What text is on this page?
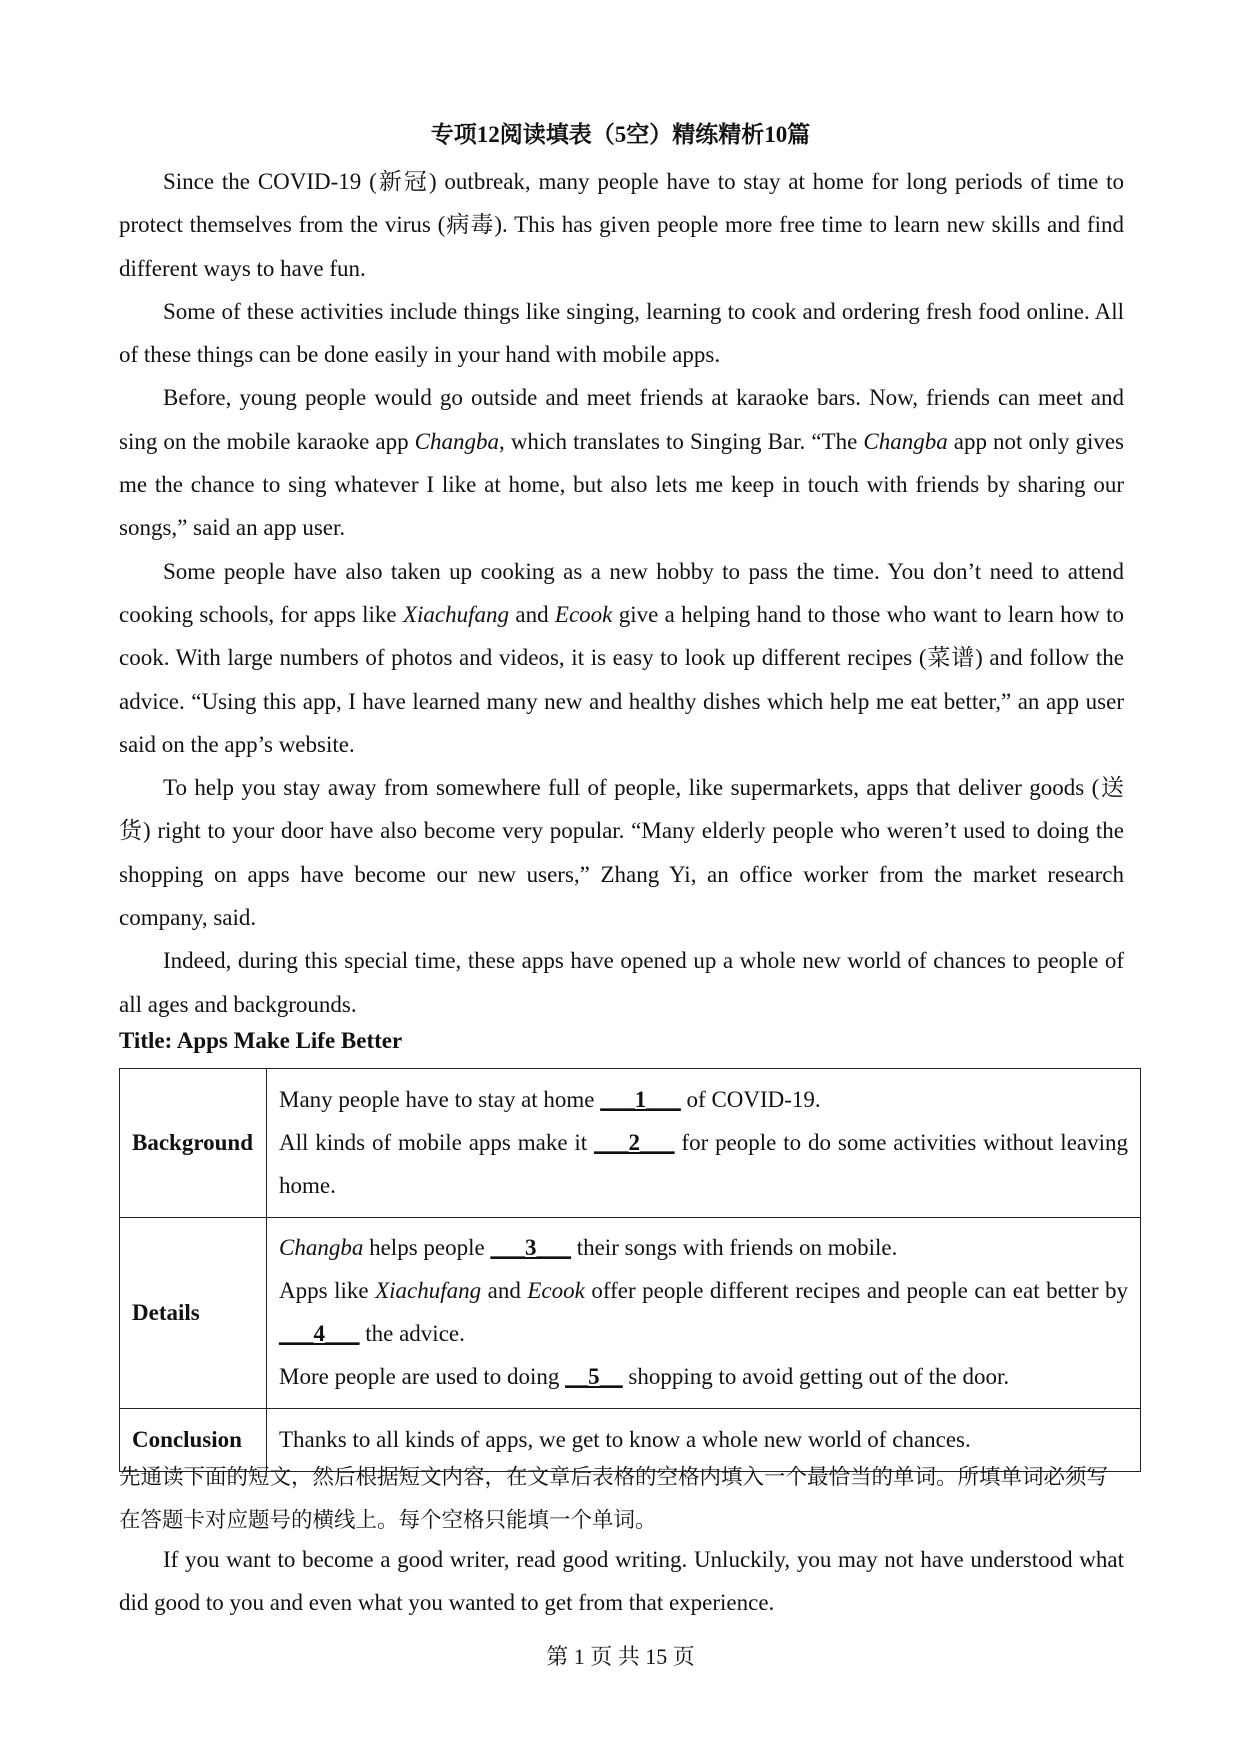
专项12阅读填表（5空）精练精析10篇

Since the COVID-19 (新冠) outbreak, many people have to stay at home for long periods of time to protect themselves from the virus (病毒). This has given people more free time to learn new skills and find different ways to have fun.

Some of these activities include things like singing, learning to cook and ordering fresh food online. All of these things can be done easily in your hand with mobile apps.

Before, young people would go outside and meet friends at karaoke bars. Now, friends can meet and sing on the mobile karaoke app Changba, which translates to Singing Bar. “The Changba app not only gives me the chance to sing whatever I like at home, but also lets me keep in touch with friends by sharing our songs,” said an app user.

Some people have also taken up cooking as a new hobby to pass the time. You don’t need to attend cooking schools, for apps like Xiachufang and Ecook give a helping hand to those who want to learn how to cook. With large numbers of photos and videos, it is easy to look up different recipes (菜谱) and follow the advice. “Using this app, I have learned many new and healthy dishes which help me eat better,” an app user said on the app’s website.

To help you stay away from somewhere full of people, like supermarkets, apps that deliver goods (送货) right to your door have also become very popular. “Many elderly people who weren’t used to doing the shopping on apps have become our new users,” Zhang Yi, an office worker from the market research company, said.

Indeed, during this special time, these apps have opened up a whole new world of chances to people of all ages and backgrounds.

Title: Apps Make Life Better

Background	Many people have to stay at home ___1___ of COVID-19.

All kinds of mobile apps make it ___2___ for people to do some activities without leaving home.

Details	Changba helps people ___3___ their songs with friends on mobile.

Apps like Xiachufang and Ecook offer people different recipes and people can eat better by ___4___ the advice.

More people are used to doing __5__ shopping to avoid getting out of the door.

Conclusion	Thanks to all kinds of apps, we get to know a whole new world of chances.

先通读下面的短文，然后根据短文内容，在文章后表格的空格内填入一个最恰当的单词。所填单词必须写在答题卡对应题号的横线上。每个空格只能填一个单词。

If you want to become a good writer, read good writing. Unluckily, you may not have understood what did good to you and even what you wanted to get from that experience.

第 1 页 共 15 页
